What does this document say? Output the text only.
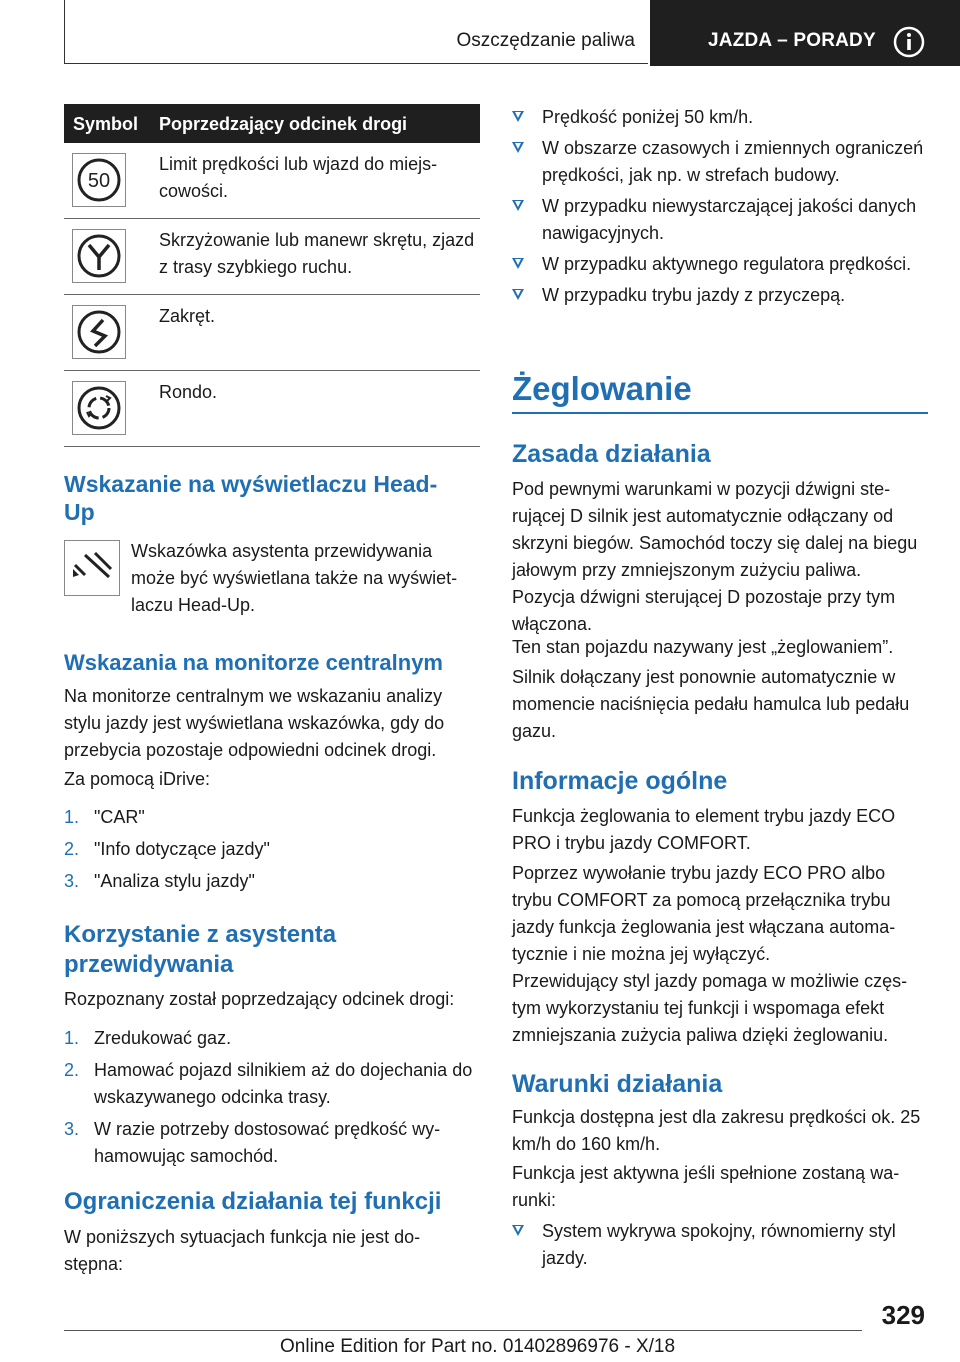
Oszczędzanie paliwa	JAZDA – PORADY
Symbol Poprzedzający odcinek drogi
50
Limit prędkości lub wjazd do miejscowości.
Skrzyżowanie lub manewr skrętu, zjazd z trasy szybkiego ruchu.
Zakręt.
Rondo.
Wskazanie na wyświetlaczu Head-Up
Wskazówka asystenta przewidywania może być wyświetlana także na wyświetlaczu Head-Up.
Wskazania na monitorze centralnym
Na monitorze centralnym we wskazaniu analizy stylu jazdy jest wyświetlana wskazówka, gdy do przebycia pozostaje odpowiedni odcinek drogi.
Za pomocą iDrive:
1. "CAR"
2. "Info dotyczące jazdy"
3. "Analiza stylu jazdy"
Korzystanie z asystenta przewidywania
Rozpoznany został poprzedzający odcinek drogi:
1. Zredukować gaz.
2. Hamować pojazd silnikiem aż do dojechania do wskazywanego odcinka trasy.
3. W razie potrzeby dostosować prędkość wyhamowując samochód.
Ograniczenia działania tej funkcji
W poniższych sytuacjach funkcja nie jest dostępna:
Prędkość poniżej 50 km/h.
W obszarze czasowych i zmiennych ograniczeń prędkości, jak np. w strefach budowy.
W przypadku niewystarczającej jakości danych nawigacyjnych.
W przypadku aktywnego regulatora prędkości.
W przypadku trybu jazdy z przyczepą.
Żeglowanie
Zasada działania
Pod pewnymi warunkami w pozycji dźwigni sterującej D silnik jest automatycznie odłączany od skrzyni biegów. Samochód toczy się dalej na biegu jałowym przy zmniejszonym zużyciu paliwa. Pozycja dźwigni sterującej D pozostaje przy tym włączona.
Ten stan pojazdu nazywany jest „żeglowaniem”.
Silnik dołączany jest ponownie automatycznie w momencie naciśnięcia pedału hamulca lub pedału gazu.
Informacje ogólne
Funkcja żeglowania to element trybu jazdy ECO PRO i trybu jazdy COMFORT.
Poprzez wywołanie trybu jazdy ECO PRO albo trybu COMFORT za pomocą przełącznika trybu jazdy funkcja żeglowania jest włączana automatycznie i nie można jej wyłączyć.
Przewidujący styl jazdy pomaga w możliwie częstym wykorzystaniu tej funkcji i wspomaga efekt zmniejszania zużycia paliwa dzięki żeglowaniu.
Warunki działania
Funkcja dostępna jest dla zakresu prędkości ok. 25 km/h do 160 km/h.
Funkcja jest aktywna jeśli spełnione zostaną warunki:
System wykrywa spokojny, równomierny styl jazdy.
329
Online Edition for Part no. 01402896976 - X/18
